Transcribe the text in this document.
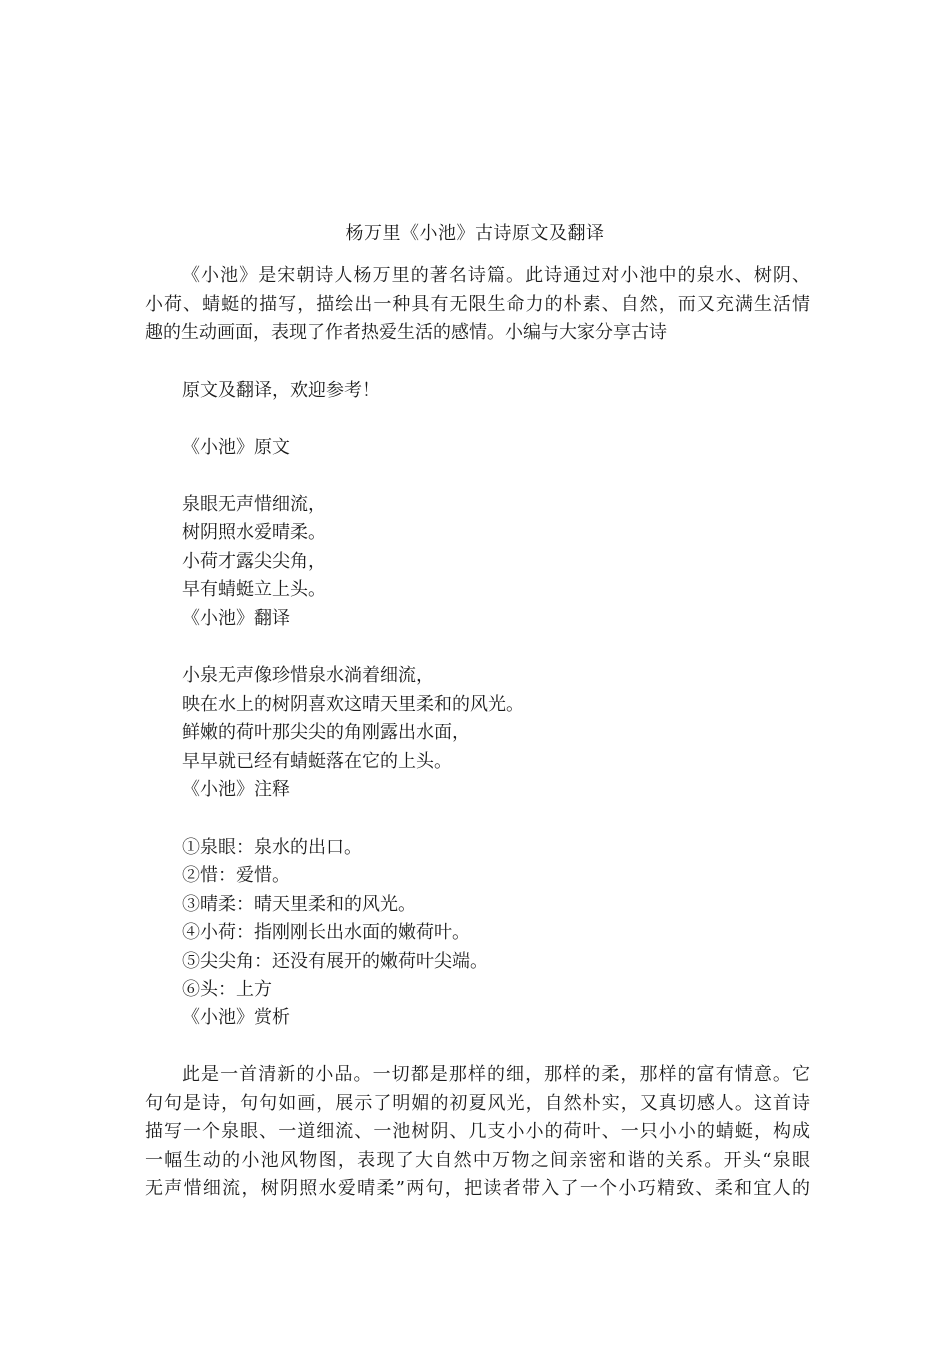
杨万里《小池》古诗原文及翻译
《小池》是宋朝诗人杨万里的著名诗篇。此诗通过对小池中的泉水、树阴、
小荷、蜻蜓的描写，描绘出一种具有无限生命力的朴素、自然，而又充满生活情
趣的生动画面，表现了作者热爱生活的感情。小编与大家分享古诗
原文及翻译，欢迎参考！
《小池》原文
泉眼无声惜细流，
树阴照水爱晴柔。
小荷才露尖尖角，
早有蜻蜓立上头。
《小池》翻译
小泉无声像珍惜泉水淌着细流，
映在水上的树阴喜欢这晴天里柔和的风光。
鲜嫩的荷叶那尖尖的角刚露出水面，
早早就已经有蜻蜓落在它的上头。
《小池》注释
①泉眼：泉水的出口。
②惜：爱惜。
③晴柔：晴天里柔和的风光。
④小荷：指刚刚长出水面的嫩荷叶。
⑤尖尖角：还没有展开的嫩荷叶尖端。
⑥头：上方
《小池》赏析
此是一首清新的小品。一切都是那样的细，那样的柔，那样的富有情意。它
句句是诗，句句如画，展示了明媚的初夏风光，自然朴实，又真切感人。这首诗
描写一个泉眼、一道细流、一池树阴、几支小小的荷叶、一只小小的蜻蜓，构成
一幅生动的小池风物图，表现了大自然中万物之间亲密和谐的关系。开头“泉眼
无声惜细流，树阴照水爱晴柔”两句，把读者带入了一个小巧精致、柔和宜人的
